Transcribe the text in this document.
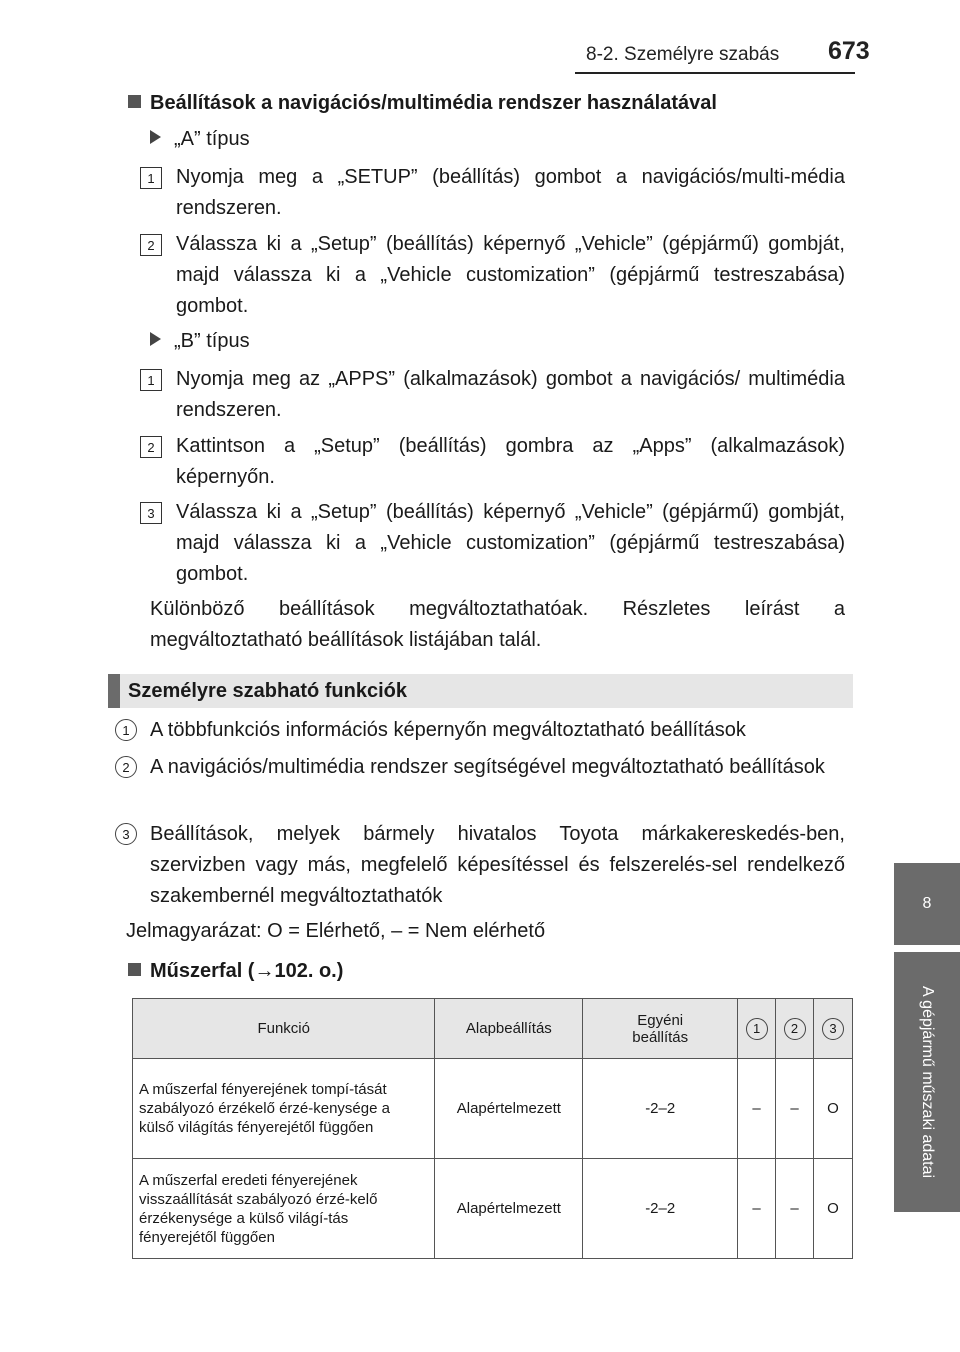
8-2. Személyre szabás 673
8
A gépjármű műszaki adatai
Beállítások a navigációs/multimédia rendszer használatával
„A” típus
1	Nyomja meg a „SETUP” (beállítás) gombot a navigációs/multi-média rendszeren.
2	Válassza ki a „Setup” (beállítás) képernyő „Vehicle” (gépjármű) gombját, majd válassza ki a „Vehicle customization” (gépjármű testreszabása) gombot.
„B” típus
1	Nyomja meg az „APPS” (alkalmazások) gombot a navigációs/ multimédia rendszeren.
2	Kattintson a „Setup” (beállítás) gombra az „Apps” (alkalmazások) képernyőn.
3	Válassza ki a „Setup” (beállítás) képernyő „Vehicle” (gépjármű) gombját, majd válassza ki a „Vehicle customization” (gépjármű testreszabása) gombot.
Különböző beállítások megváltoztathatóak. Részletes leírást a megváltoztatható beállítások listájában talál.
Személyre szabható funkciók
1	A többfunkciós információs képernyőn megváltoztatható beállítások
2	A navigációs/multimédia rendszer segítségével megváltoztatható beállítások
3	Beállítások, melyek bármely hivatalos Toyota márkakereskedés-ben, szervizben vagy más, megfelelő képesítéssel és felszerelés-sel rendelkező szakembernél megváltoztathatók
Jelmagyarázat: O = Elérhető, – = Nem elérhető
Műszerfal (→102. o.)
Funkció	Alapbeállítás	Egyéni beállítás	1	2	3
A műszerfal fényerejének tompí-tását szabályozó érzékelő érzé-kenysége a külső világítás fényerejétől függően	Alapértelmezett	-2–2	–	–	O
A műszerfal eredeti fényerejének visszaállítását szabályozó érzé-kelő érzékenysége a külső világí-tás fényerejétől függően	Alapértelmezett	-2–2	–	–	O
